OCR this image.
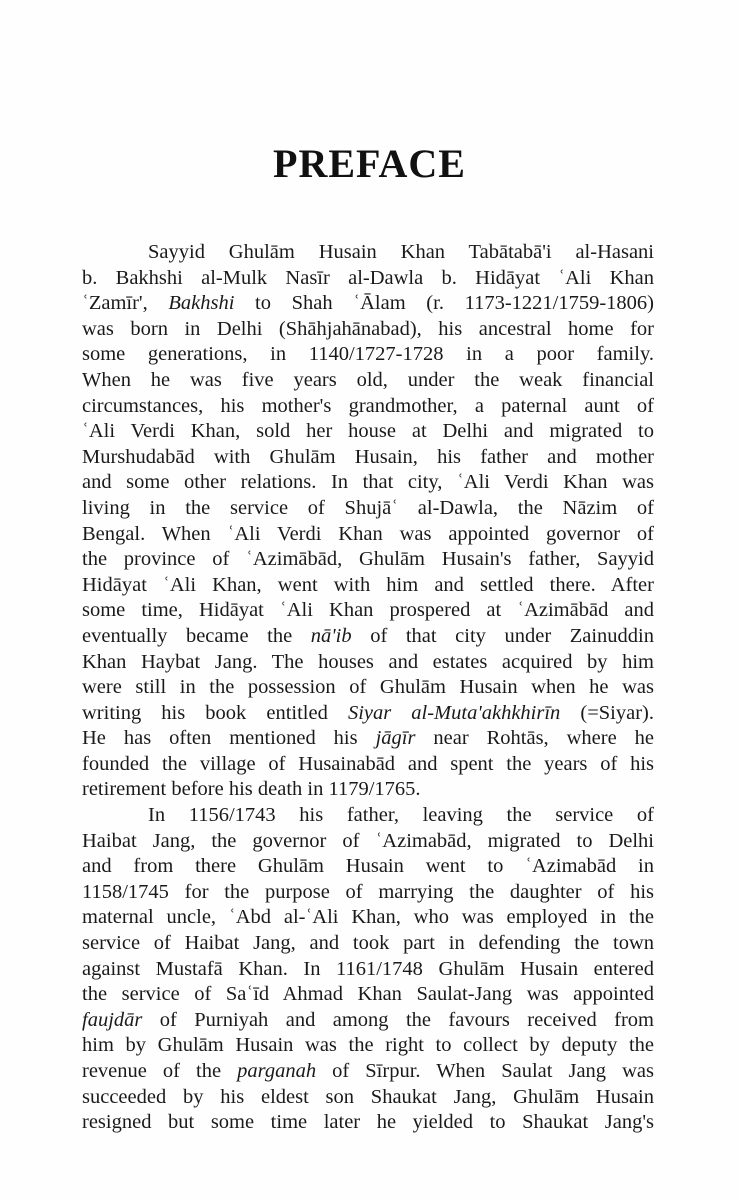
PREFACE
Sayyid Ghulām Husain Khan Tabātabā'i al-Hasani
b. Bakhshi al-Mulk Nasīr al-Dawla b. Hidāyat ʿAli Khan
ʿZamīr', Bakhshi to Shah ʿĀlam (r. 1173-1221/1759-1806)
was born in Delhi (Shāhjahānabad), his ancestral home for
some generations, in 1140/1727-1728 in a poor family.
When he was five years old, under the weak financial
circumstances, his mother's grandmother, a paternal aunt of
ʿAli Verdi Khan, sold her house at Delhi and migrated to
Murshudabād with Ghulām Husain, his father and mother
and some other relations. In that city, ʿAli Verdi Khan was
living in the service of Shujāʿ al-Dawla, the Nāzim of
Bengal. When ʿAli Verdi Khan was appointed governor of
the province of ʿAzimābād, Ghulām Husain's father, Sayyid
Hidāyat ʿAli Khan, went with him and settled there. After
some time, Hidāyat ʿAli Khan prospered at ʿAzimābād and
eventually became the nā'ib of that city under Zainuddin
Khan Haybat Jang. The houses and estates acquired by him
were still in the possession of Ghulām Husain when he was
writing his book entitled Siyar al-Muta'akhkhirīn (=Siyar).
He has often mentioned his jāgīr near Rohtās, where he
founded the village of Husainabād and spent the years of his
retirement before his death in 1179/1765.
In 1156/1743 his father, leaving the service of
Haibat Jang, the governor of ʿAzimabād, migrated to Delhi
and from there Ghulām Husain went to ʿAzimabād in
1158/1745 for the purpose of marrying the daughter of his
maternal uncle, ʿAbd al-ʿAli Khan, who was employed in the
service of Haibat Jang, and took part in defending the town
against Mustafā Khan. In 1161/1748 Ghulām Husain entered
the service of Saʿīd Ahmad Khan Saulat-Jang was appointed
faujdār of Purniyah and among the favours received from
him by Ghulām Husain was the right to collect by deputy the
revenue of the parganah of Sīrpur. When Saulat Jang was
succeeded by his eldest son Shaukat Jang, Ghulām Husain
resigned but some time later he yielded to Shaukat Jang's
